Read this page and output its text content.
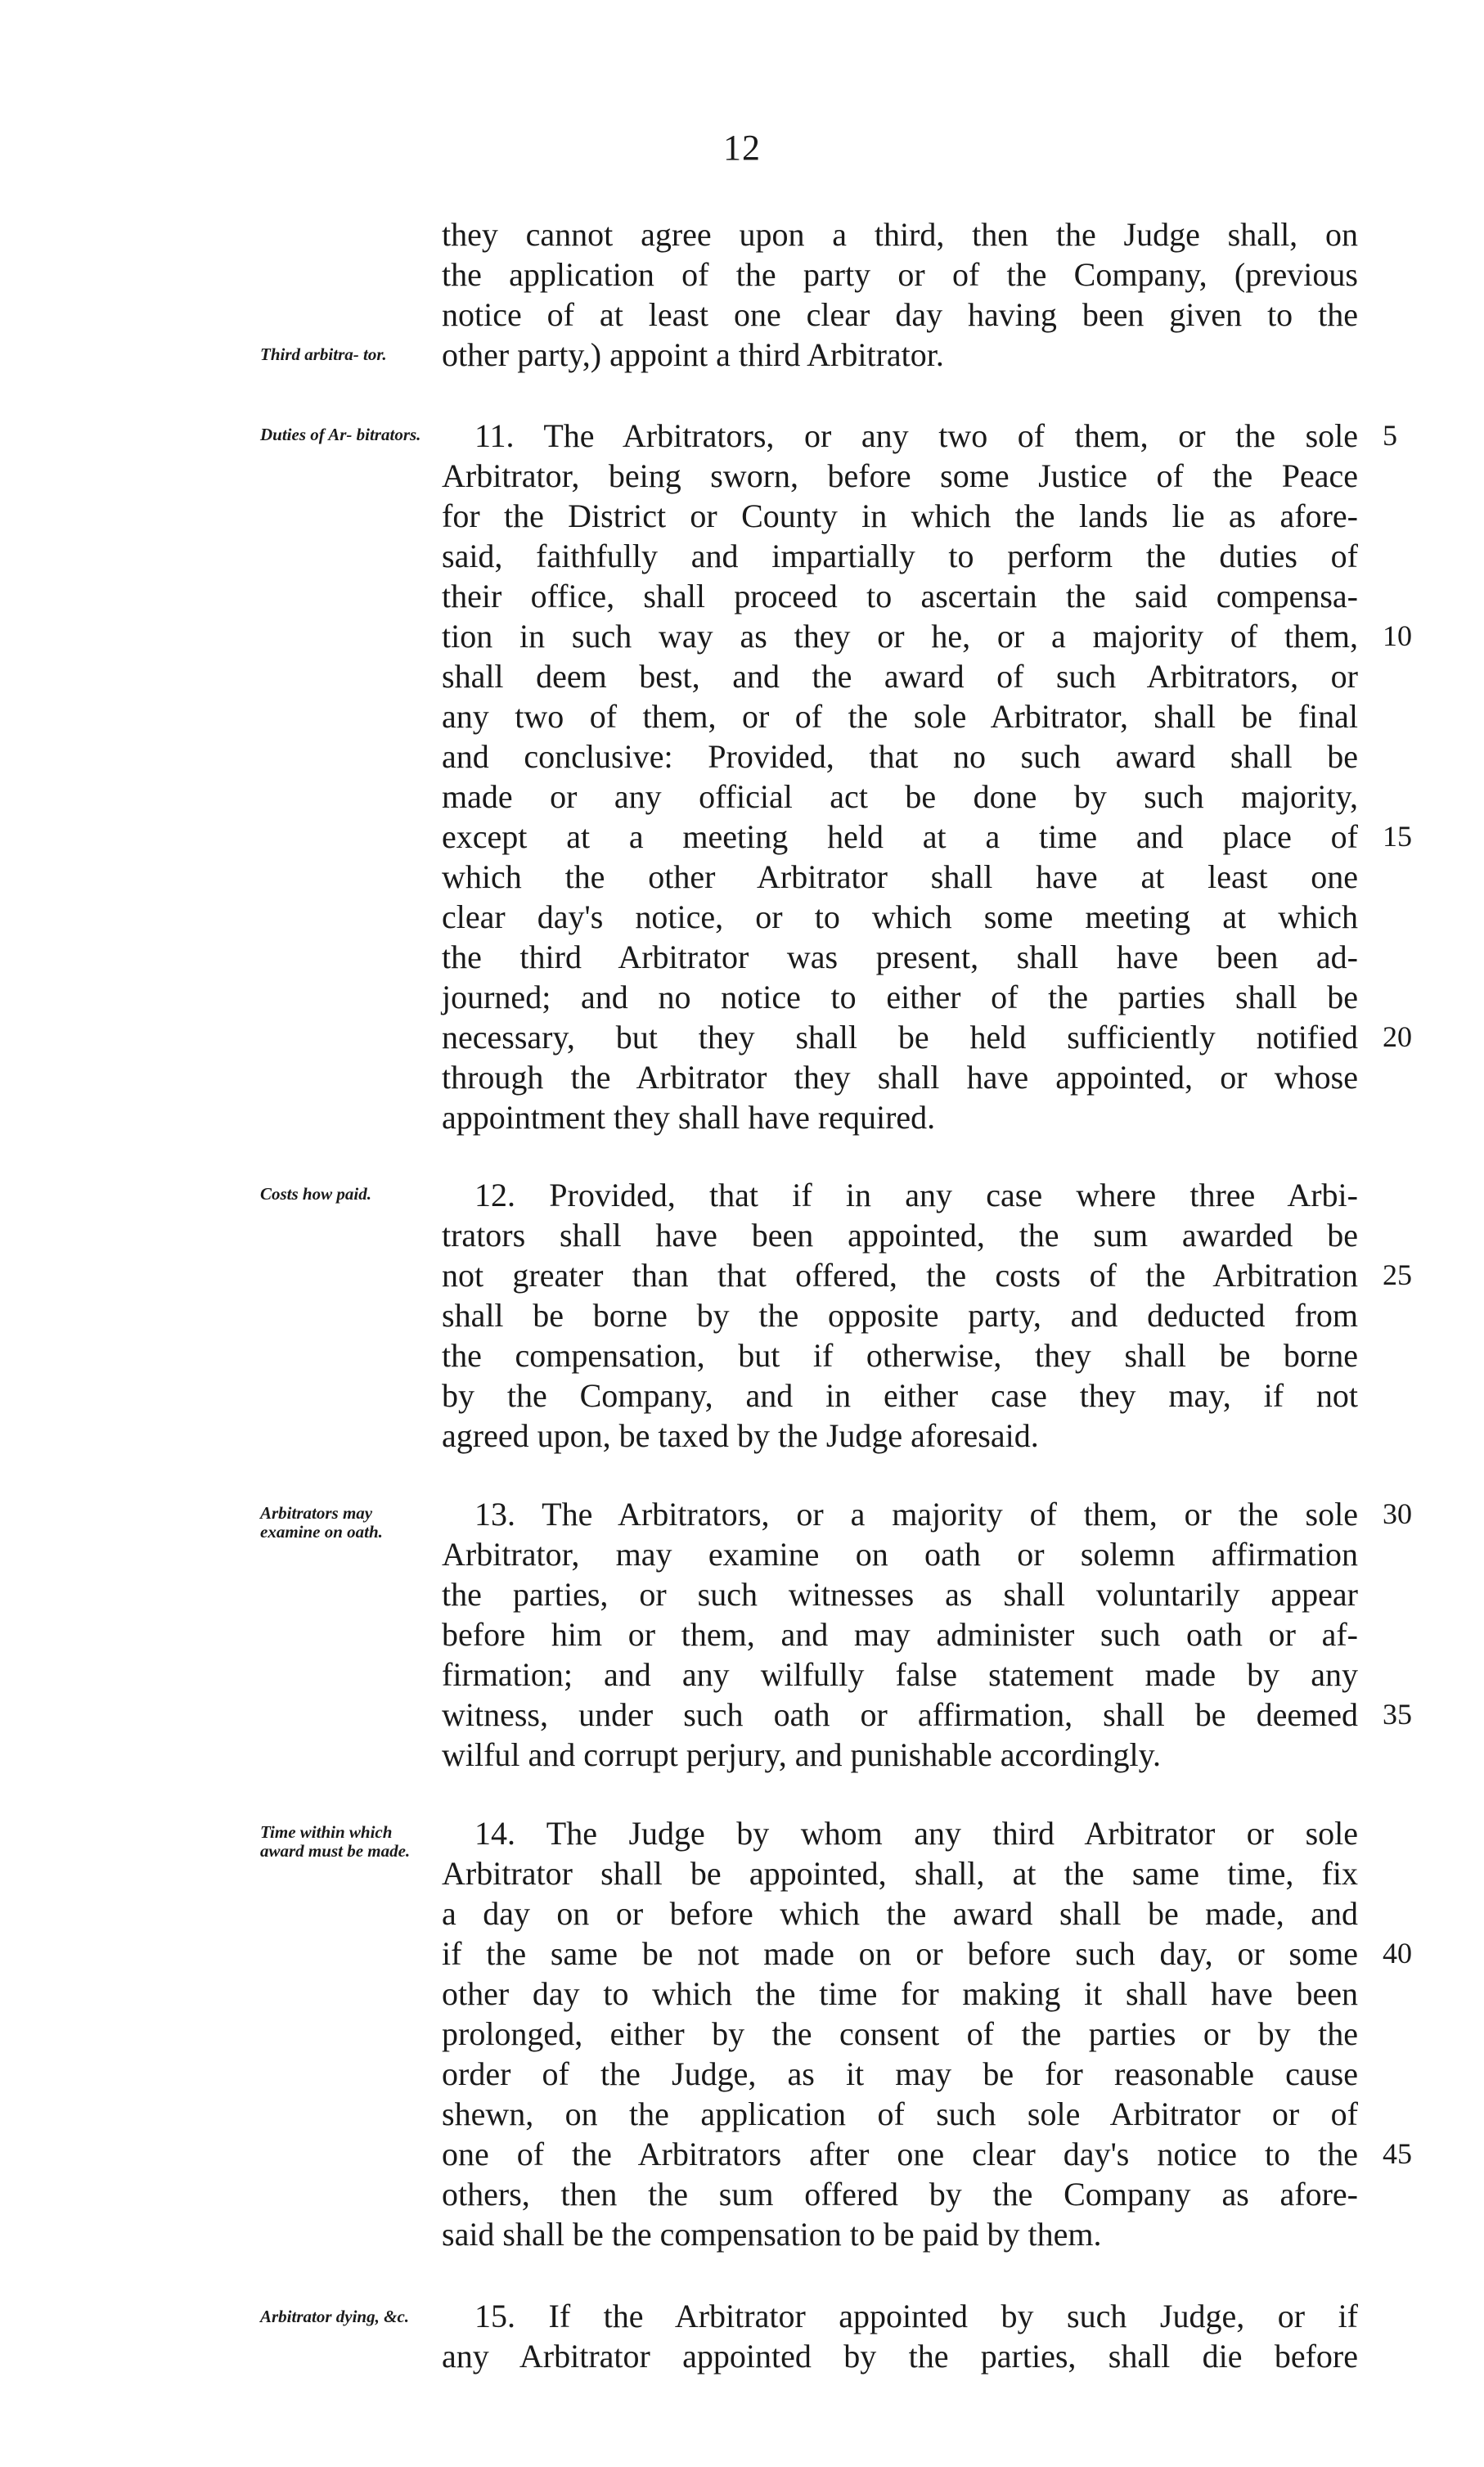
12
they cannot agree upon a third, then the Judge shall, on
the application of the party or of the Company, (previous
notice of at least one clear day having been given to the
other party,) appoint a third Arbitrator.
Third arbitra- tor.
Duties of Ar- bitrators. 11. The Arbitrators, or any two of them, or the sole 5
Arbitrator, being sworn, before some Justice of the Peace
for the District or County in which the lands lie as afore-
said, faithfully and impartially to perform the duties of
their office, shall proceed to ascertain the said compensa-
tion in such way as they or he, or a majority of them, 10
shall deem best, and the award of such Arbitrators, or
any two of them, or of the sole Arbitrator, shall be final
and conclusive: Provided, that no such award shall be
made or any official act be done by such majority,
except at a meeting held at a time and place of 15
which the other Arbitrator shall have at least one
clear day's notice, or to which some meeting at which
the third Arbitrator was present, shall have been ad-
journed; and no notice to either of the parties shall be
necessary, but they shall be held sufficiently notified 20
through the Arbitrator they shall have appointed, or whose
appointment they shall have required.
Costs how paid.	12. Provided, that if in any case where three Arbi-
trators shall have been appointed, the sum awarded be
not greater than that offered, the costs of the Arbitration 25
shall be borne by the opposite party, and deducted from
the compensation, but if otherwise, they shall be borne
by the Company, and in either case they may, if not
agreed upon, be taxed by the Judge aforesaid.
Arbitrators may examine on oath.	13. The Arbitrators, or a majority of them, or the sole 30
Arbitrator, may examine on oath or solemn affirmation
the parties, or such witnesses as shall voluntarily appear
before him or them, and may administer such oath or af-
firmation; and any wilfully false statement made by any
witness, under such oath or affirmation, shall be deemed 35
wilful and corrupt perjury, and punishable accordingly.
Time within which award must be made.	14. The Judge by whom any third Arbitrator or sole
Arbitrator shall be appointed, shall, at the same time, fix
a day on or before which the award shall be made, and
if the same be not made on or before such day, or some 40
other day to which the time for making it shall have been
prolonged, either by the consent of the parties or by the
order of the Judge, as it may be for reasonable cause
shewn, on the application of such sole Arbitrator or of
one of the Arbitrators after one clear day's notice to the 45
others, then the sum offered by the Company as afore-
said shall be the compensation to be paid by them.
Arbitrator dying, &c.	15. If the Arbitrator appointed by such Judge, or if
any Arbitrator appointed by the parties, shall die before
